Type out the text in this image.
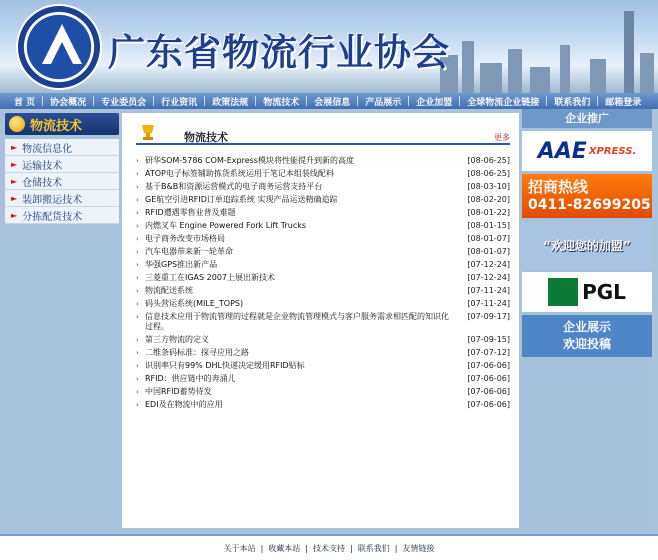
广东省物流行业协会
首 页 协会概况 专业委员会 行业资讯 政策法规 物流技术 会展信息 产品展示 企业加盟 全球物流企业链接 联系我们 邮箱登录
物流技术
► 物流信息化
► 运输技术
► 仓储技术
► 装卸搬运技术
► 分拣配货技术
物流技术	更多
› 研华SOM-5786 COM-Express模块将性能提升到新的高度	[08-06-25]
› ATOP电子标签辅助拣货系统运用于笔记本组装线配料	[08-06-25]
› 基于B&B和资源运营模式的电子商务运营支持平台	[08-03-10]
› GE航空引进RFID订单追踪系统 实现产品运送精确追踪	[08-02-20]
› RFID遭遇零售业普及难题	[08-01-22]
› 内燃叉车 Engine Powered Fork Lift Trucks	[08-01-15]
› 电子商务改变市场格局	[08-01-07]
› 汽车电器带来新一轮革命	[08-01-07]
› 华强GPS推出新产品	[07-12-24]
› 三菱重工在IGAS 2007上展出新技术	[07-12-24]
› 物流配送系统	[07-11-24]
› 码头营运系统(MILE_TOPS)	[07-11-24]
› 信息技术应用于物流管理的过程就是企业物流管理模式与客户服务需求相匹配的知识化过程。
[07-09-17]
› 第三方物流的定义	[07-09-15]
› 二维条码标准：探寻应用之路	[07-07-12]
› 识别率只有99% DHL快递决定缓用RFID贴标	[07-06-06]
› RFID：供应链中的奔涌儿	[07-06-06]
› 中国RFID蓄势待发	[07-06-06]
› EDI及在物流中的应用	[07-06-06]
企业推广
AAE XPRESS.
招商热线
0411-82699205
“欢迎您的加盟”
PGL
企业展示
欢迎投稿
关于本站 | 收藏本站 | 技术支持 | 联系我们 | 友情链接
